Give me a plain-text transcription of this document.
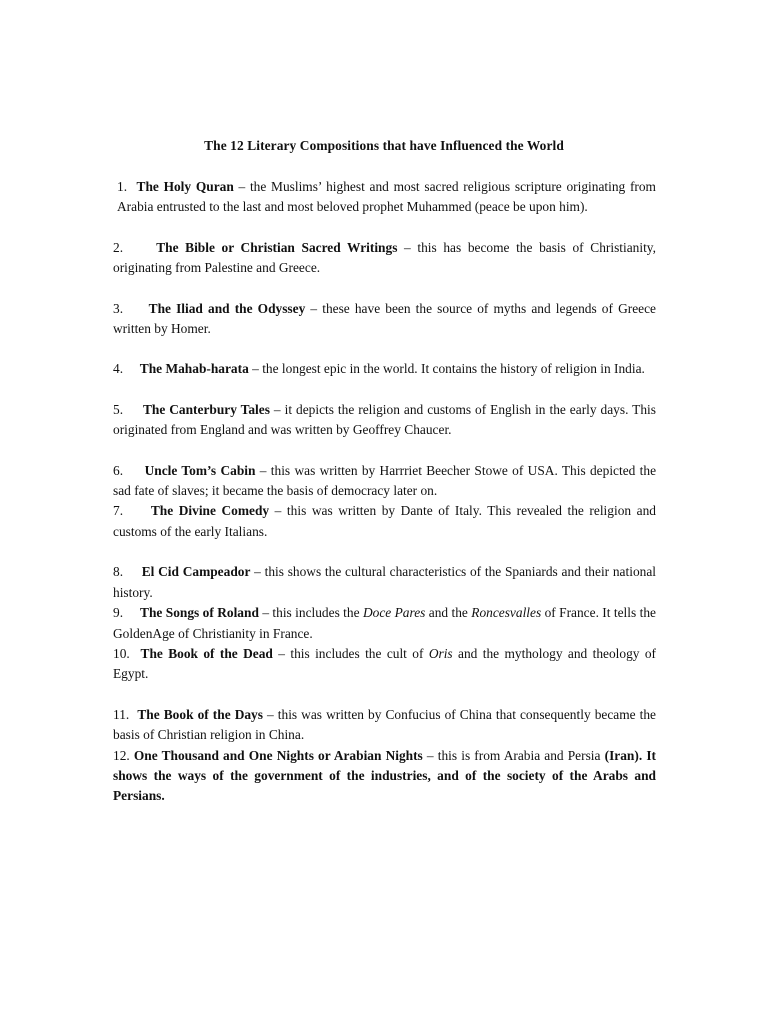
The 12 Literary Compositions that have Influenced the World

1. The Holy Quran – the Muslims’ highest and most sacred religious scripture originating from Arabia entrusted to the last and most beloved prophet Muhammed (peace be upon him).

2. The Bible or Christian Sacred Writings – this has become the basis of Christianity, originating from Palestine and Greece.

3. The Iliad and the Odyssey – these have been the source of myths and legends of Greece written by Homer.

4. The Mahab-harata – the longest epic in the world. It contains the history of religion in India.

5. The Canterbury Tales – it depicts the religion and customs of English in the early days. This originated from England and was written by Geoffrey Chaucer.

6. Uncle Tom’s Cabin – this was written by Harrriet Beecher Stowe of USA. This depicted the sad fate of slaves; it became the basis of democracy later on.

7. The Divine Comedy – this was written by Dante of Italy. This revealed the religion and customs of the early Italians.

8. El Cid Campeador – this shows the cultural characteristics of the Spaniards and their national history.

9. The Songs of Roland – this includes the Doce Pares and the Roncesvalles of France. It tells the GoldenAge of Christianity in France.

10. The Book of the Dead – this includes the cult of Oris and the mythology and theology of Egypt.

11. The Book of the Days – this was written by Confucius of China that consequently became the basis of Christian religion in China.

12. One Thousand and One Nights or Arabian Nights – this is from Arabia and Persia (Iran). It shows the ways of the government of the industries, and of the society of the Arabs and Persians.
